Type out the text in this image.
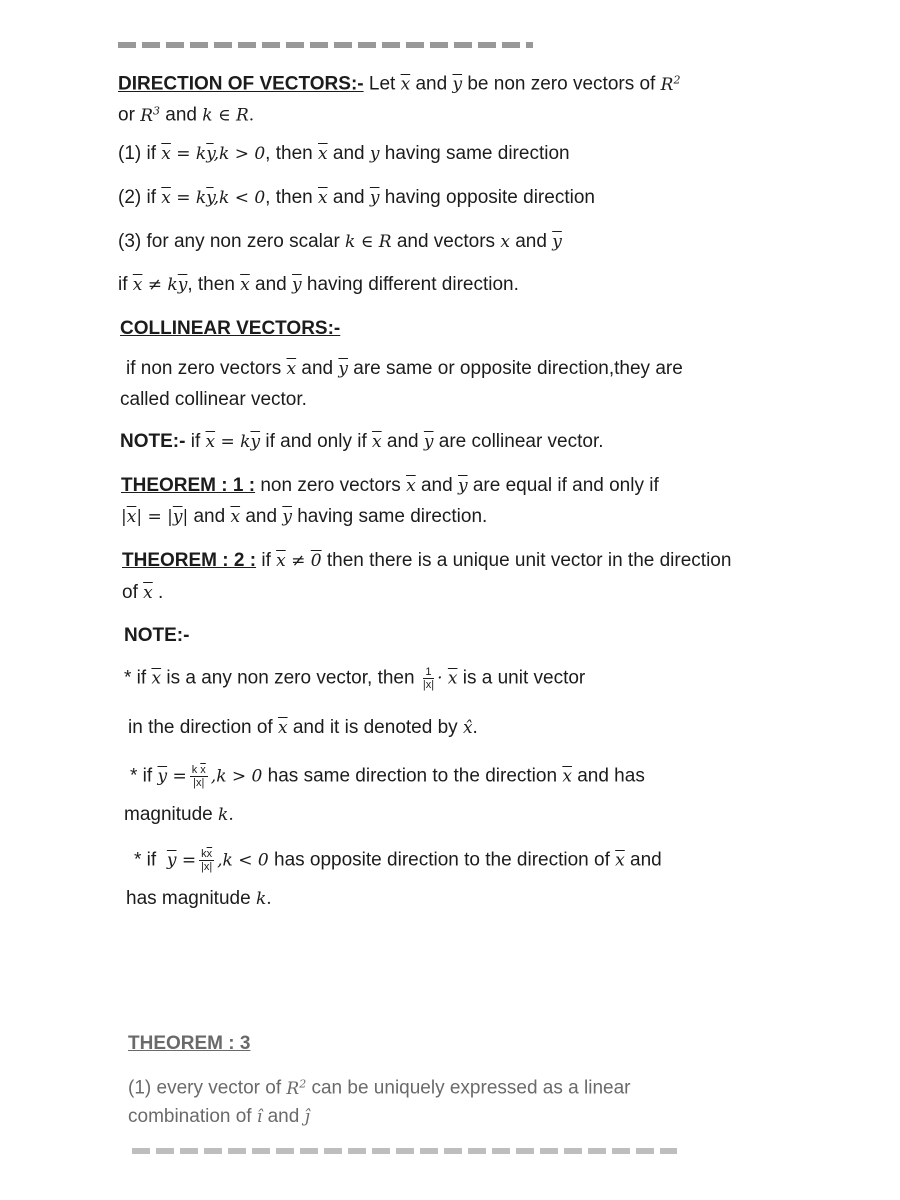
DIRECTION OF VECTORS:- Let $\overline{x}$ and $\overline{y}$ be non zero vectors of $R^2$
or $R^3$ and k ∈ R.
(1) if $\overline{x} = k\overline{y},k > 0$, then $\overline{x}$ and y having same direction
(2) if $\overline{x} = k\overline{y},k < 0$, then $\overline{x}$ and $\overline{y}$ having opposite direction
(3) for any non zero scalar k ∈ R and vectors x and $\overline{y}$
if $\overline{x} \ne k\overline{y}$, then $\overline{x}$ and $\overline{y}$ having different direction.
COLLINEAR VECTORS:-
if non zero vectors $\overline{x}$ and $\overline{y}$ are same or opposite direction,they are
called collinear vector.
NOTE:- if $\overline{x} = k\overline{y}$ if and only if $\overline{x}$ and $\overline{y}$ are collinear vector.
THEOREM : 1 : non zero vectors $\overline{x}$ and $\overline{y}$ are equal if and only if
$|\overline{x}| = |\overline{y}|$ and $\overline{x}$ and $\overline{y}$ having same direction.
THEOREM : 2 : if $\overline{x} \ne 0$ then there is a unique unit vector in the direction
of $\overline{x}$ .
NOTE:-
* if $\overline{x}$ is a any non zero vector, then $\frac{1}{|\overline{x}|} \cdot \overline{x}$ is a unit vector
in the direction of $\overline{x}$ and it is denoted by x̂.
* if $\overline{y} = \frac{k \overline{x}}{|\overline{x}|} ,k > 0$ has same direction to the direction $\overline{x}$ and has
magnitude k.
* if $\overline{y} = \frac{k\overline{x}}{|\overline{x}|} ,k < 0$ has opposite direction to the direction of $\overline{x}$ and
has magnitude k.
THEOREM : 3
(1) every vector of $R^2$ can be uniquely expressed as a linear
combination of î and ĵ
